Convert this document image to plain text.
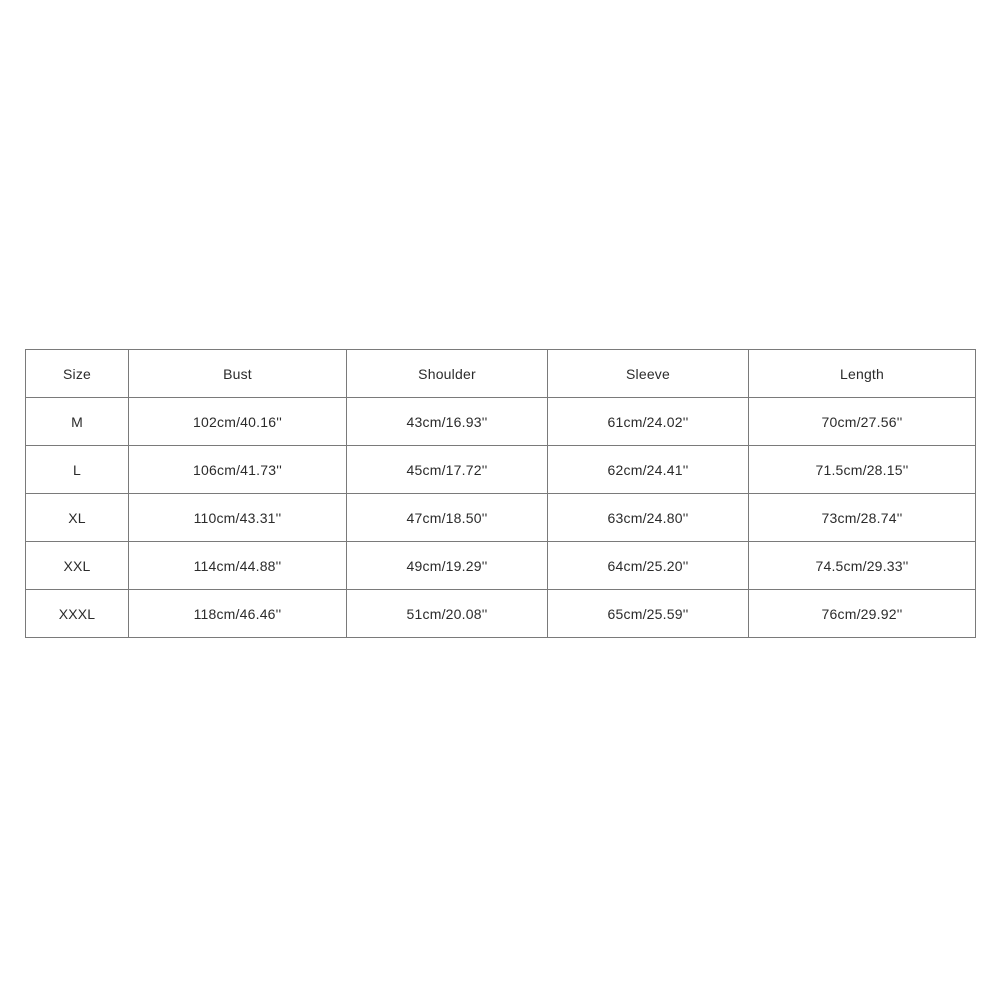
Size	Bust	Shoulder	Sleeve	Length
M	102cm/40.16''	43cm/16.93''	61cm/24.02''	70cm/27.56''
L	106cm/41.73''	45cm/17.72''	62cm/24.41''	71.5cm/28.15''
XL	110cm/43.31''	47cm/18.50''	63cm/24.80''	73cm/28.74''
XXL	114cm/44.88''	49cm/19.29''	64cm/25.20''	74.5cm/29.33''
XXXL	118cm/46.46''	51cm/20.08''	65cm/25.59''	76cm/29.92''
